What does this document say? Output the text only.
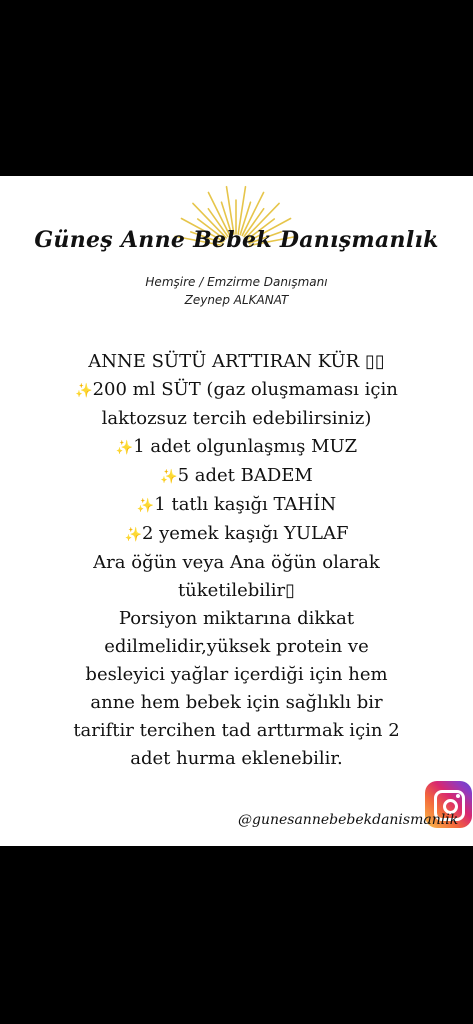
Güneş Anne Bebek Danışmanlık
Hemşire / Emzirme Danışmanı
Zeynep ALKANAT
ANNE SÜTÜ ARTTIRAN KÜR ▯▯
✨200 ml SÜT (gaz oluşmaması için
laktozsuz tercih edebilirsiniz)
✨1 adet olgunlaşmış MUZ
✨5 adet BADEM
✨1 tatlı kaşığı TAHİN
✨2 yemek kaşığı YULAF
Ara öğün veya Ana öğün olarak
tüketilebilir▯
Porsiyon miktarına dikkat
edilmelidir,yüksek protein ve
besleyici yağlar içerdiği için hem
anne hem bebek için sağlıklı bir
tariftir tercihen tad arttırmak için 2
adet hurma eklenebilir.
@gunesannebebekdanismanlik
